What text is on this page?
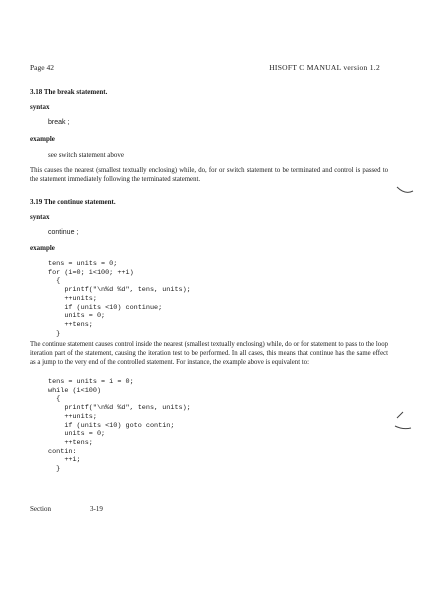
Page 42	HISOFT C MANUAL version 1.2
3.18 The break statement.
syntax
break ;
example
see switch statement above

This causes the nearest (smallest textually enclosing) while, do, for or switch statement to be terminated and control is passed to the statement immediately following the terminated statement.

3.19 The continue statement.
syntax
continue ;
example
tens = units = 0;
for (i=0; i<100; ++i)
{
printf("\n%d %d", tens, units);
++units;
if (units <10) continue;
units = 0;
++tens;
}

The continue statement causes control inside the nearest (smallest textually enclosing) while, do or for statement to pass to the loop iteration part of the statement, causing the iteration test to be performed. In all cases, this means that continue has the same effect as a jump to the very end of the controlled statement. For instance, the example above is equivalent to:

tens = units = i = 0;
while (i<100)
{
printf("\n%d %d", tens, units);
++units;
if (units <10) goto contin;
units = 0;
++tens;
contin:
++i;
}
Section	3-19
